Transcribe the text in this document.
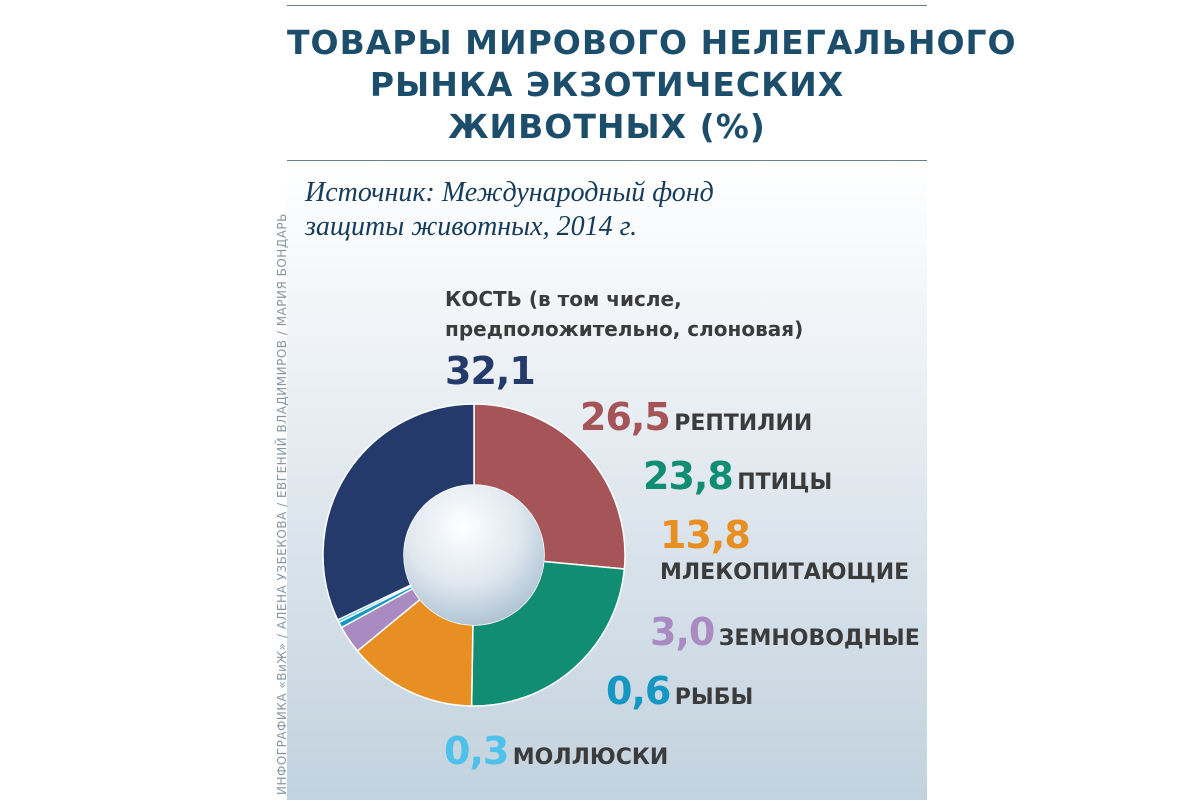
ТОВАРЫ МИРОВОГО НЕЛЕГАЛЬНОГО
РЫНКА ЭКЗОТИЧЕСКИХ
ЖИВОТНЫХ (%)
Источник: Международный фонд
защиты животных, 2014 г.
ИНФОГРАФИКА «ВиЖ» / АЛЕНА УЗБЕКОВА / ЕВГЕНИЙ ВЛАДИМИРОВ / МАРИЯ БОНДАРЬ	КОСТЬ (в том числе,
предположительно, слоновая)
32,1
26,5 РЕПТИЛИИ
23,8 ПТИЦЫ
13,8
МЛЕКОПИТАЮЩИЕ
3,0 ЗЕМНОВОДНЫЕ
0,6 РЫБЫ
0,3 МОЛЛЮСКИ
